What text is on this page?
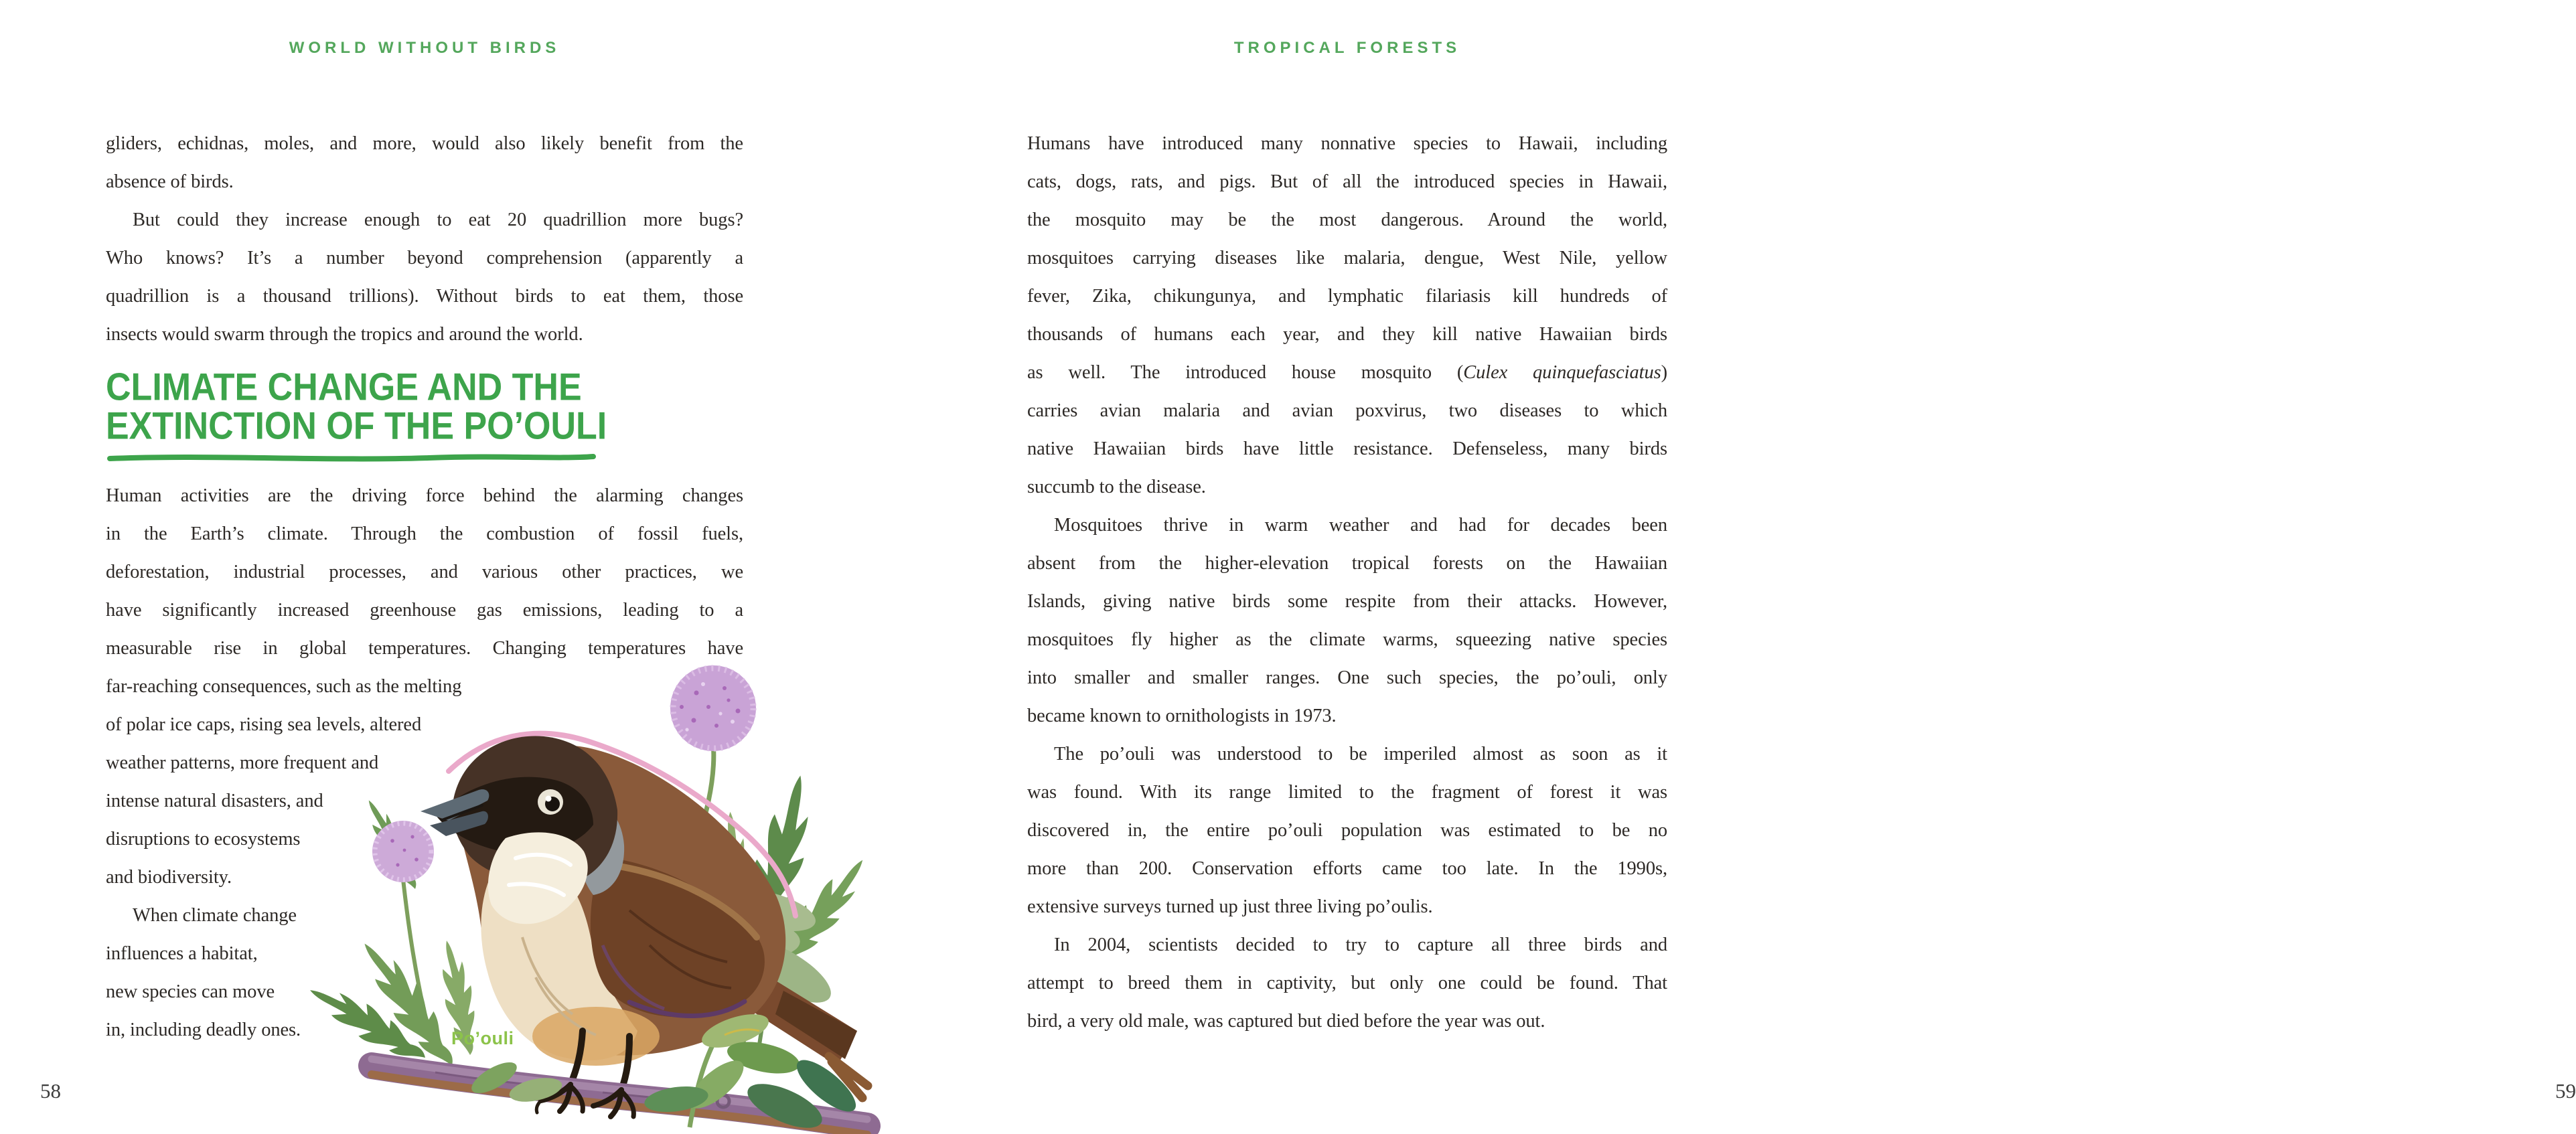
WORLD WITHOUT BIRDS
gliders, echidnas, moles, and more, would also likely benefit from the
absence of birds.
But could they increase enough to eat 20 quadrillion more bugs?
Who knows? It’s a number beyond comprehension (apparently a
quadrillion is a thousand trillions). Without birds to eat them, those
insects would swarm through the tropics and around the world.
CLIMATE CHANGE AND THE
EXTINCTION OF THE PO’OULI
Human activities are the driving force behind the alarming changes
in the Earth’s climate. Through the combustion of fossil fuels,
deforestation, industrial processes, and various other practices, we
have significantly increased greenhouse gas emissions, leading to a
measurable rise in global temperatures. Changing temperatures have
far-reaching consequences, such as the melting
of polar ice caps, rising sea levels, altered
weather patterns, more frequent and
intense natural disasters, and
disruptions to ecosystems
and biodiversity.
When climate change
influences a habitat,
new species can move
in, including deadly ones.
58
TROPICAL FORESTS
Humans have introduced many nonnative species to Hawaii, including
cats, dogs, rats, and pigs. But of all the introduced species in Hawaii,
the mosquito may be the most dangerous. Around the world,
mosquitoes carrying diseases like malaria, dengue, West Nile, yellow
fever, Zika, chikungunya, and lymphatic filariasis kill hundreds of
thousands of humans each year, and they kill native Hawaiian birds
as well. The introduced house mosquito (Culex quinquefasciatus)
carries avian malaria and avian poxvirus, two diseases to which
native Hawaiian birds have little resistance. Defenseless, many birds
succumb to the disease.
Mosquitoes thrive in warm weather and had for decades been
absent from the higher-elevation tropical forests on the Hawaiian
Islands, giving native birds some respite from their attacks. However,
mosquitoes fly higher as the climate warms, squeezing native species
into smaller and smaller ranges. One such species, the po’ouli, only
became known to ornithologists in 1973.
The po’ouli was understood to be imperiled almost as soon as it
was found. With its range limited to the fragment of forest it was
discovered in, the entire po’ouli population was estimated to be no
more than 200. Conservation efforts came too late. In the 1990s,
extensive surveys turned up just three living po’oulis.
In 2004, scientists decided to try to capture all three birds and
attempt to breed them in captivity, but only one could be found. That
bird, a very old male, was captured but died before the year was out.
59
Po’ouli
